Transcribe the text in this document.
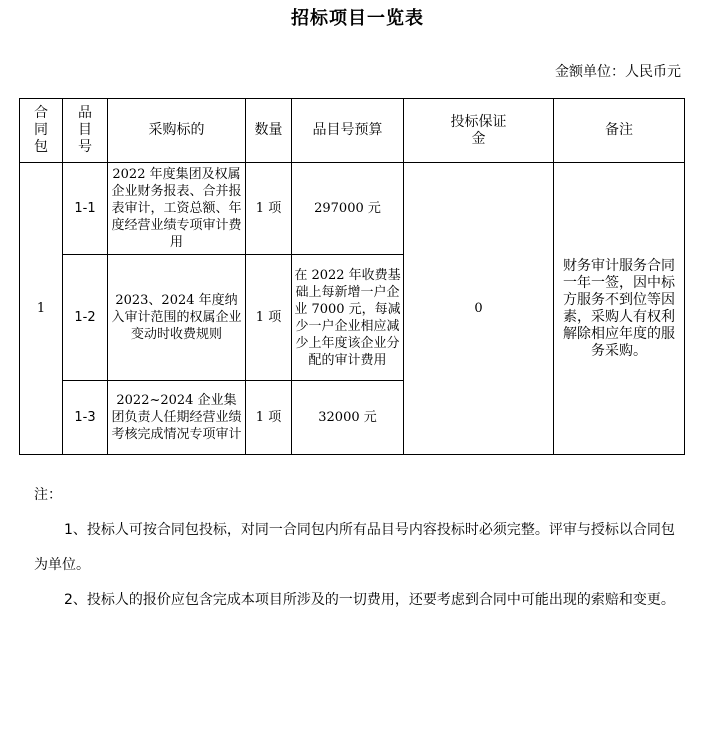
招标项目一览表
金额单位：人民币元
合同包	品目号	采购标的	数量	品目号预算	投标保证金	备注
1	1-1	2022 年度集团及权属企业财务报表、合并报表审计，工资总额、年度经营业绩专项审计费用	1 项	297000 元	0	财务审计服务合同一年一签，因中标方服务不到位等因素，采购人有权利解除相应年度的服务采购。
	1-2	2023、2024 年度纳入审计范围的权属企业变动时收费规则	1 项	在 2022 年收费基础上每新增一户企业 7000 元，每减少一户企业相应减少上年度该企业分配的审计费用		
	1-3	2022~2024 企业集团负责人任期经营业绩考核完成情况专项审计	1 项	32000 元		

注：

1、投标人可按合同包投标，对同一合同包内所有品目号内容投标时必须完整。评审与授标以合同包为单位。

2、投标人的报价应包含完成本项目所涉及的一切费用，还要考虑到合同中可能出现的索赔和变更。
